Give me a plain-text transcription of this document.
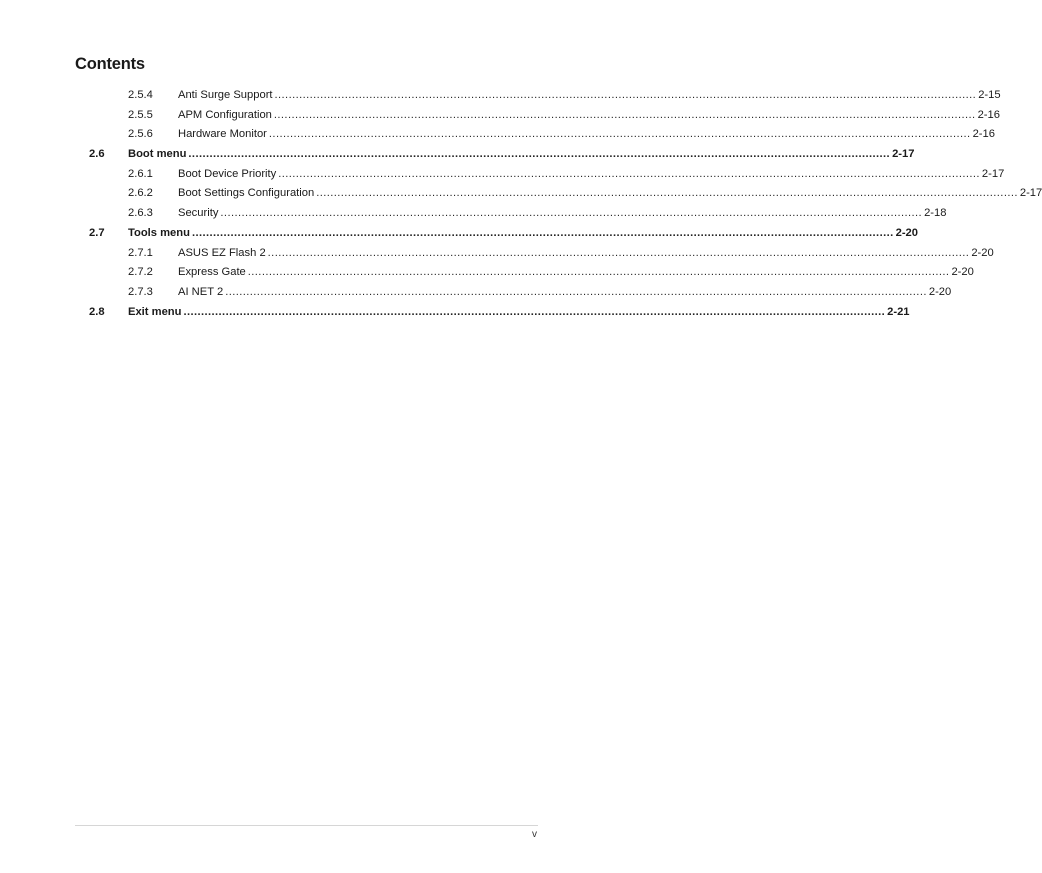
Contents
2.5.4 Anti Surge Support ........................................................................................................................................................................................................ 2-15
2.5.5 APM Configuration ........................................................................................................................................................................................................ 2-16
2.5.6 Hardware Monitor ........................................................................................................................................................................................................ 2-16
2.6 Boot menu ........................................................................................................................................................................................................ 2-17
2.6.1 Boot Device Priority ........................................................................................................................................................................................................ 2-17
2.6.2 Boot Settings Configuration ........................................................................................................................................................................................................ 2-17
2.6.3 Security ........................................................................................................................................................................................................ 2-18
2.7 Tools menu ........................................................................................................................................................................................................ 2-20
2.7.1 ASUS EZ Flash 2 ........................................................................................................................................................................................................ 2-20
2.7.2 Express Gate ........................................................................................................................................................................................................ 2-20
2.7.3 AI NET 2 ........................................................................................................................................................................................................ 2-20
2.8 Exit menu ........................................................................................................................................................................................................ 2-21
v
